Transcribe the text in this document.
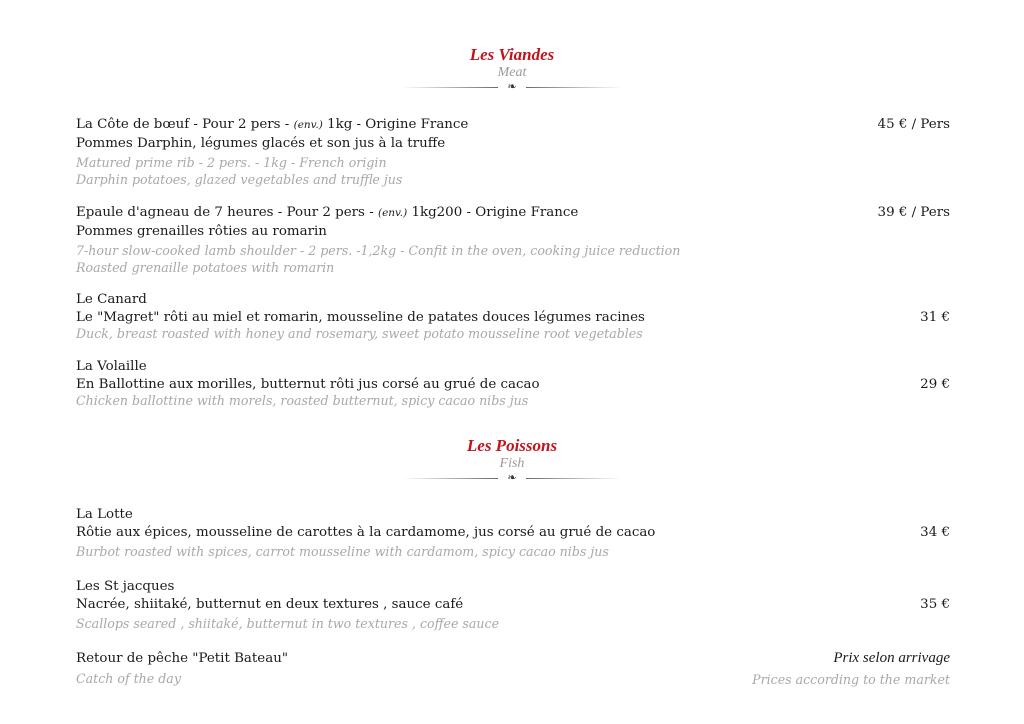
Les Viandes
Meat
❧
La Côte de bœuf - Pour 2 pers - (env.) 1kg - Origine France
Pommes Darphin, légumes glacés et son jus à la truffe
Matured prime rib - 2 pers. - 1kg - French origin
Darphin potatoes, glazed vegetables and truffle jus
45 € / Pers
Epaule d'agneau de 7 heures - Pour 2 pers - (env.) 1kg200 - Origine France
Pommes grenailles rôties au romarin
7-hour slow-cooked lamb shoulder - 2 pers. -1,2kg - Confit in the oven, cooking juice reduction
Roasted grenaille potatoes with romarin
39 € / Pers
Le Canard
Le "Magret" rôti au miel et romarin, mousseline de patates douces légumes racines
Duck, breast roasted with honey and rosemary, sweet potato mousseline root vegetables
31 €
La Volaille
En Ballottine aux morilles, butternut rôti jus corsé au grué de cacao
Chicken ballottine with morels, roasted butternut, spicy cacao nibs jus
29 €
Les Poissons
Fish
❧
La Lotte
Rôtie aux épices, mousseline de carottes à la cardamome, jus corsé au grué de cacao
Burbot roasted with spices, carrot mousseline with cardamom, spicy cacao nibs jus
34 €
Les St jacques
Nacrée, shiitaké, butternut en deux textures , sauce café
Scallops seared , shiitaké, butternut in two textures , coffee sauce
35 €
Retour de pêche "Petit Bateau"
Catch of the day
Prix selon arrivage
Prices according to the market
